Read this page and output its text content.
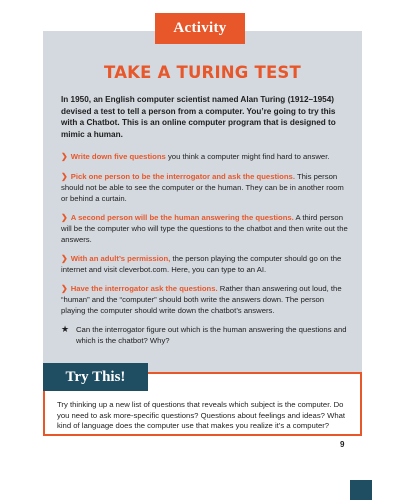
Activity
TAKE A TURING TEST

In 1950, an English computer scientist named Alan Turing (1912–1954) devised a test to tell a person from a computer. You’re going to try this with a Chatbot. This is an online computer program that is designed to mimic a human.

❯ Write down five questions you think a computer might find hard to answer.

❯ Pick one person to be the interrogator and ask the questions. This person should not be able to see the computer or the human. They can be in another room or behind a curtain.

❯ A second person will be the human answering the questions. A third person will be the computer who will type the questions to the chatbot and then write out the answers.

❯ With an adult’s permission, the person playing the computer should go on the internet and visit cleverbot.com. Here, you can type to an AI.

❯ Have the interrogator ask the questions. Rather than answering out loud, the “human” and the “computer” should both write the answers down. The person playing the computer should write down the chatbot’s answers.

★ Can the interrogator figure out which is the human answering the questions and which is the chatbot? Why?
Try This!

Try thinking up a new list of questions that reveals which subject is the computer. Do you need to ask more-specific questions? Questions about feelings and ideas? What kind of language does the computer use that makes you realize it’s a computer?

9
